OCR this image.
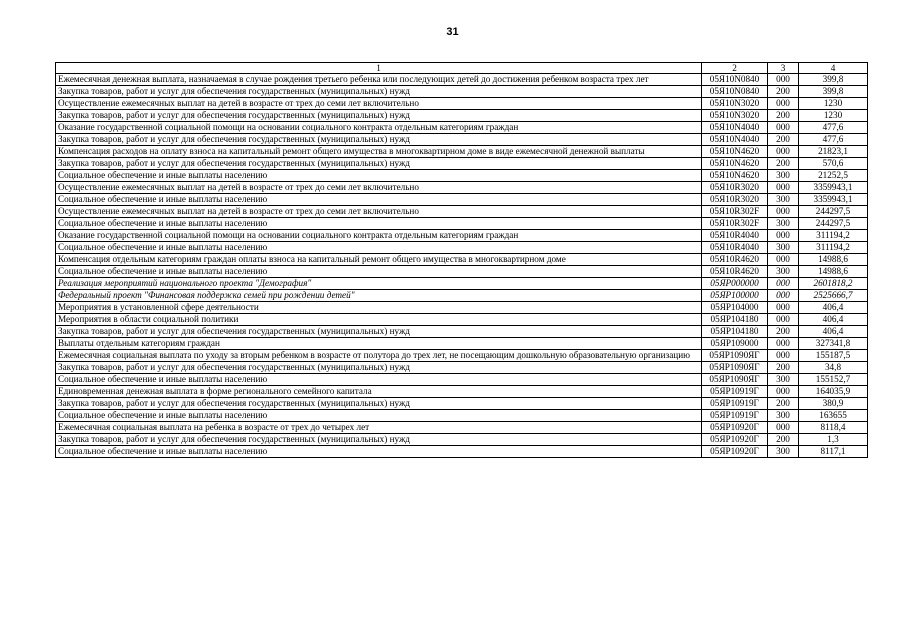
31
1	2	3	4
Ежемесячная денежная выплата, назначаемая в случае рождения третьего ребенка или последующих детей до достижения ребенком возраста трех лет	05Я10N0840	000	399,8
Закупка товаров, работ и услуг для обеспечения государственных (муниципальных) нужд	05Я10N0840	200	399,8
Осуществление ежемесячных выплат на детей в возрасте от трех до семи лет включительно	05Я10N3020	000	1230
Закупка товаров, работ и услуг для обеспечения государственных (муниципальных) нужд	05Я10N3020	200	1230
Оказание государственной социальной помощи на основании социального контракта отдельным категориям граждан	05Я10N4040	000	477,6
Закупка товаров, работ и услуг для обеспечения государственных (муниципальных) нужд	05Я10N4040	200	477,6
Компенсация расходов на оплату взноса на капитальный ремонт общего имущества в многоквартирном доме в виде ежемесячной денежной выплаты	05Я10N4620	000	21823,1
Закупка товаров, работ и услуг для обеспечения государственных (муниципальных) нужд	05Я10N4620	200	570,6
Социальное обеспечение и иные выплаты населению	05Я10N4620	300	21252,5
Осуществление ежемесячных выплат на детей в возрасте от трех до семи лет включительно	05Я10R3020	000	3359943,1
Социальное обеспечение и иные выплаты населению	05Я10R3020	300	3359943,1
Осуществление ежемесячных выплат на детей в возрасте от трех до семи лет включительно	05Я10R302F	000	244297,5
Социальное обеспечение и иные выплаты населению	05Я10R302F	300	244297,5
Оказание государственной социальной помощи на основании социального контракта отдельным категориям граждан	05Я10R4040	000	311194,2
Социальное обеспечение и иные выплаты населению	05Я10R4040	300	311194,2
Компенсация отдельным категориям граждан оплаты взноса на капитальный ремонт общего имущества в многоквартирном доме	05Я10R4620	000	14988,6
Социальное обеспечение и иные выплаты населению	05Я10R4620	300	14988,6
Реализация мероприятий национального проекта "Демография"	05ЯР000000	000	2601818,2
Федеральный проект "Финансовая поддержка семей при рождении детей"	05ЯР100000	000	2525666,7
Мероприятия в установленной сфере деятельности	05ЯР104000	000	406,4
Мероприятия в области социальной политики	05ЯР104180	000	406,4
Закупка товаров, работ и услуг для обеспечения государственных (муниципальных) нужд	05ЯР104180	200	406,4
Выплаты отдельным категориям граждан	05ЯР109000	000	327341,8
Ежемесячная социальная выплата по уходу за вторым ребенком в возрасте от полутора до трех лет, не посещающим дошкольную образовательную организацию	05ЯР1090ЯГ	000	155187,5
Закупка товаров, работ и услуг для обеспечения государственных (муниципальных) нужд	05ЯР1090ЯГ	200	34,8
Социальное обеспечение и иные выплаты населению	05ЯР1090ЯГ	300	155152,7
Единовременная денежная выплата в форме регионального семейного капитала	05ЯР10919Г	000	164035,9
Закупка товаров, работ и услуг для обеспечения государственных (муниципальных) нужд	05ЯР10919Г	200	380,9
Социальное обеспечение и иные выплаты населению	05ЯР10919Г	300	163655
Ежемесячная социальная выплата на ребенка в возрасте от трех до четырех лет	05ЯР10920Г	000	8118,4
Закупка товаров, работ и услуг для обеспечения государственных (муниципальных) нужд	05ЯР10920Г	200	1,3
Социальное обеспечение и иные выплаты населению	05ЯР10920Г	300	8117,1
